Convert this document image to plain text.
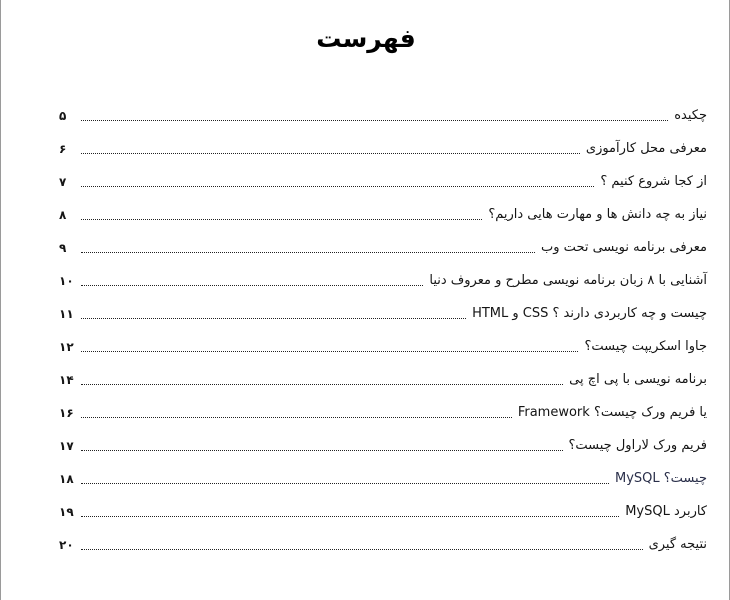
فهرست
چکیده
۵
معرفی محل کارآموزی
۶
از کجا شروع کنیم ؟
۷
نیاز به چه دانش ها و مهارت هایی داریم؟
۸
معرفی برنامه نویسی تحت وب
۹
آشنایی با ۸ زبان برنامه نویسی مطرح و معروف دنیا
۱۰
HTML و CSS چیست و چه کاربردی دارند ؟
۱۱
جاوا اسکریپت چیست؟
۱۲
برنامه نویسی با پی اچ پی
۱۴
Framework یا فریم ورک چیست؟
۱۶
فریم ورک لاراول چیست؟
۱۷
MySQL چیست؟
۱۸
کاربرد MySQL
۱۹
نتیجه گیری
۲۰
